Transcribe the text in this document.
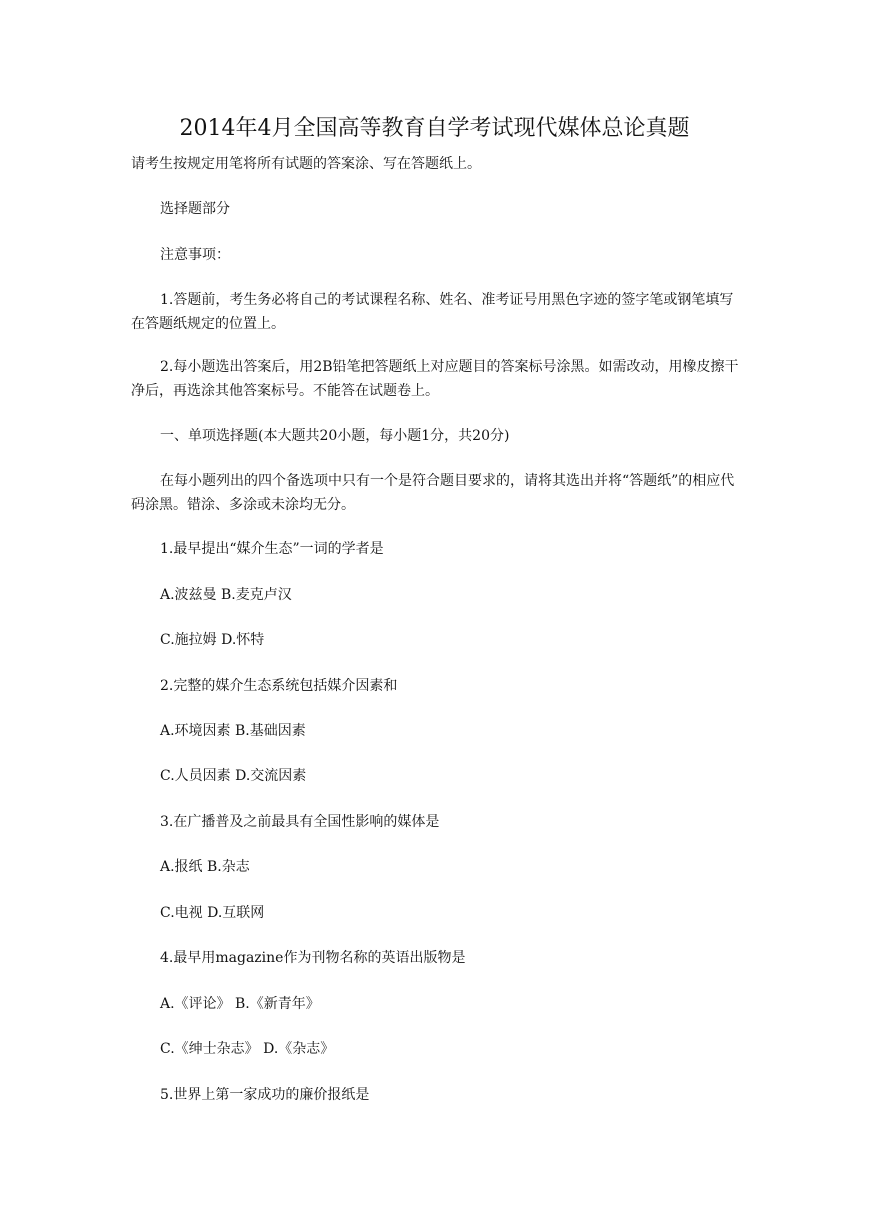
2014年4月全国高等教育自学考试现代媒体总论真题

请考生按规定用笔将所有试题的答案涂、写在答题纸上。

选择题部分

注意事项：

1.答题前，考生务必将自己的考试课程名称、姓名、准考证号用黑色字迹的签字笔或钢笔填写在答题纸规定的位置上。

2.每小题选出答案后，用2B铅笔把答题纸上对应题目的答案标号涂黑。如需改动，用橡皮擦干净后，再选涂其他答案标号。不能答在试题卷上。

一、单项选择题(本大题共20小题，每小题1分，共20分)

在每小题列出的四个备选项中只有一个是符合题目要求的，请将其选出并将“答题纸”的相应代码涂黑。错涂、多涂或未涂均无分。

1.最早提出“媒介生态”一词的学者是

A.波兹曼 B.麦克卢汉

C.施拉姆 D.怀特

2.完整的媒介生态系统包括媒介因素和

A.环境因素 B.基础因素

C.人员因素 D.交流因素

3.在广播普及之前最具有全国性影响的媒体是

A.报纸 B.杂志

C.电视 D.互联网

4.最早用magazine作为刊物名称的英语出版物是

A.《评论》 B.《新青年》

C.《绅士杂志》 D.《杂志》

5.世界上第一家成功的廉价报纸是
